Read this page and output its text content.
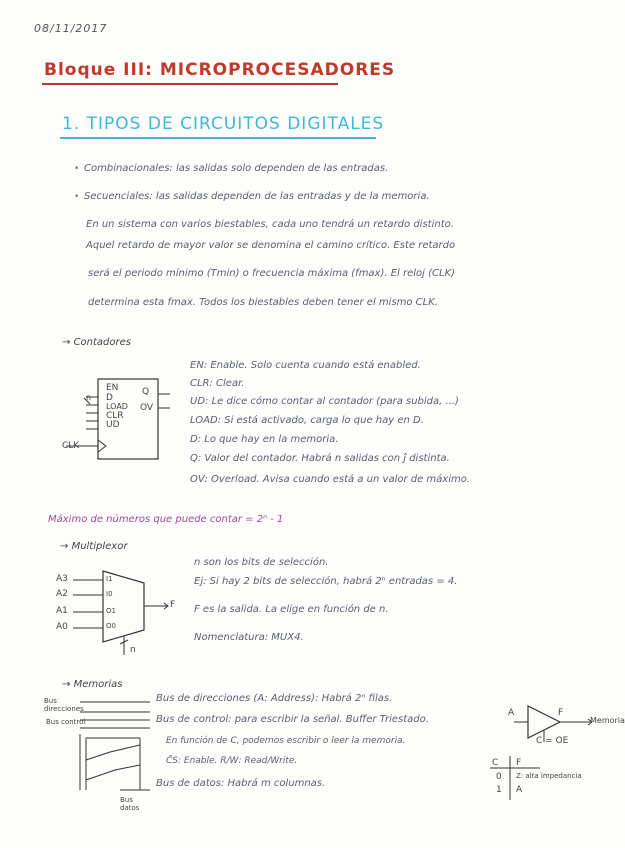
08/11/2017
Bloque III: MICROPROCESADORES
1. TIPOS DE CIRCUITOS DIGITALES
• Combinacionales: las salidas solo dependen de las entradas.
• Secuenciales: las salidas dependen de las entradas y de la memoria.
En un sistema con varios biestables, cada uno tendrá un retardo distinto.
Aquel retardo de mayor valor se denomina el camino crítico. Este retardo
será el periodo mínimo (Tmin) o frecuencia máxima (fmax). El reloj (CLK)
determina esta fmax. Todos los biestables deben tener el mismo CLK.
→ Contadores
EN
D
LOAD
CLR
UD
Q
OV
CLK
n
EN: Enable. Solo cuenta cuando está enabled.
CLR: Clear.
UD: Le dice cómo contar al contador (para subida, ...)
LOAD: Si está activado, carga lo que hay en D.
D: Lo que hay en la memoria.
Q: Valor del contador. Habrá n salidas con ĵ distinta.
OV: Overload. Avisa cuando está a un valor de máximo.
Máximo de números que puede contar = 2ⁿ - 1
→ Multiplexor
A3
A2
A1
A0
I1
I0
O1
O0
F
n
n son los bits de selección.
Ej: Si hay 2 bits de selección, habrá 2ⁿ entradas = 4.
F es la salida. La elige en función de n.
Nomenclatura: MUX4.
→ Memorias
Bus direcciones
Bus control
Bus datos
Bus de direcciones (A: Address): Habrá 2ⁿ filas.
Bus de control: para escribir la señal. Buffer Triestado.
En función de C, podemos escribir o leer la memoria.
C̄S: Enable. R/W: Read/Write.
Bus de datos: Habrá m columnas.
A	F
Memoria
C = OE
C F
0 Z: alta impedancia
1 A
